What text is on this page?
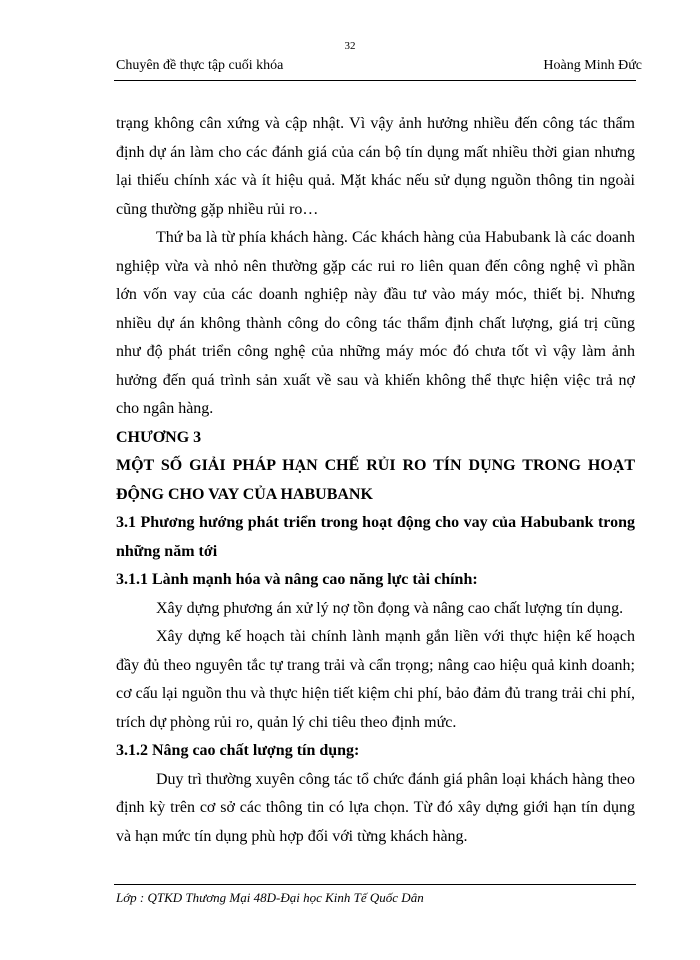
32
Chuyên đề thực tập cuối khóa	Hoàng Minh Đức

trạng không cân xứng và cập nhật. Vì vậy ảnh hưởng nhiều đến công tác thẩm định dự án làm cho các đánh giá của cán bộ tín dụng mất nhiều thời gian nhưng lại thiếu chính xác và ít hiệu quả. Mặt khác nếu sử dụng nguồn thông tin ngoài cũng thường gặp nhiều rủi ro…

Thứ ba là từ phía khách hàng. Các khách hàng của Habubank là các doanh nghiệp vừa và nhỏ nên thường gặp các rui ro liên quan đến công nghệ vì phần lớn vốn vay của các doanh nghiệp này đầu tư vào máy móc, thiết bị. Nhưng nhiều dự án không thành công do công tác thẩm định chất lượng, giá trị cũng như độ phát triển công nghệ của những máy móc đó chưa tốt vì vậy làm ảnh hưởng đến quá trình sản xuất về sau và khiến không thể thực hiện việc trả nợ cho ngân hàng.

CHƯƠNG 3

MỘT SỐ GIẢI PHÁP HẠN CHẾ RỦI RO TÍN DỤNG TRONG HOẠT ĐỘNG CHO VAY CỦA HABUBANK

3.1 Phương hướng phát triển trong hoạt động cho vay của Habubank trong những năm tới

3.1.1 Lành mạnh hóa và nâng cao năng lực tài chính:

Xây dựng phương án xử lý nợ tồn đọng và nâng cao chất lượng tín dụng.

Xây dựng kế hoạch tài chính lành mạnh gắn liền với thực hiện kế hoạch đầy đủ theo nguyên tắc tự trang trải và cẩn trọng; nâng cao hiệu quả kinh doanh; cơ cấu lại nguồn thu và thực hiện tiết kiệm chi phí, bảo đảm đủ trang trải chi phí, trích dự phòng rủi ro, quản lý chi tiêu theo định mức.

3.1.2 Nâng cao chất lượng tín dụng:

Duy trì thường xuyên công tác tổ chức đánh giá phân loại khách hàng theo định kỳ trên cơ sở các thông tin có lựa chọn. Từ đó xây dựng giới hạn tín dụng và hạn mức tín dụng phù hợp đối với từng khách hàng.

Lớp : QTKD Thương Mại 48D-Đại học Kinh Tế Quốc Dân
